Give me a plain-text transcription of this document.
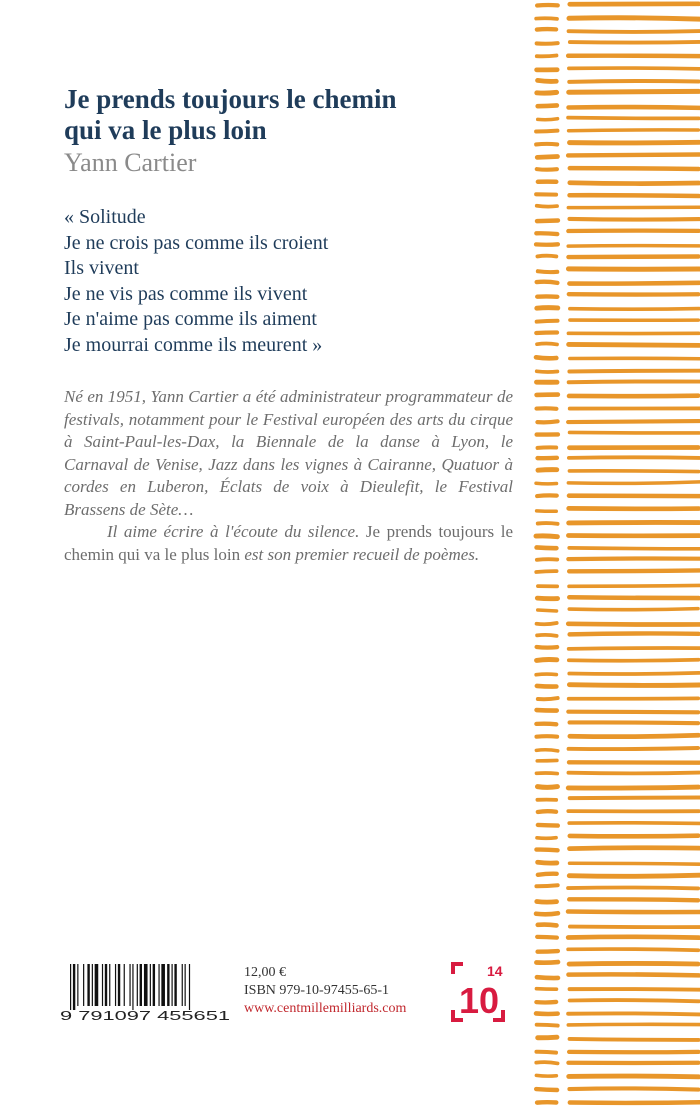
Je prends toujours le chemin
qui va le plus loin
Yann Cartier
« Solitude
Je ne crois pas comme ils croient
Ils vivent
Je ne vis pas comme ils vivent
Je n'aime pas comme ils aiment
Je mourrai comme ils meurent »

Né en 1951, Yann Cartier a été administrateur programmateur de festivals, notamment pour le Festival européen des arts du cirque à Saint-Paul-les-Dax, la Biennale de la danse à Lyon, le Carnaval de Venise, Jazz dans les vignes à Cairanne, Quatuor à cordes en Luberon, Éclats de voix à Dieulefit, le Festival Brassens de Sète…

Il aime écrire à l'écoute du silence. Je prends toujours le chemin qui va le plus loin est son premier recueil de poèmes.

9 791097 455651
12,00 €
ISBN 979-10-97455-65-1
www.centmillemilliards.com
14
10
